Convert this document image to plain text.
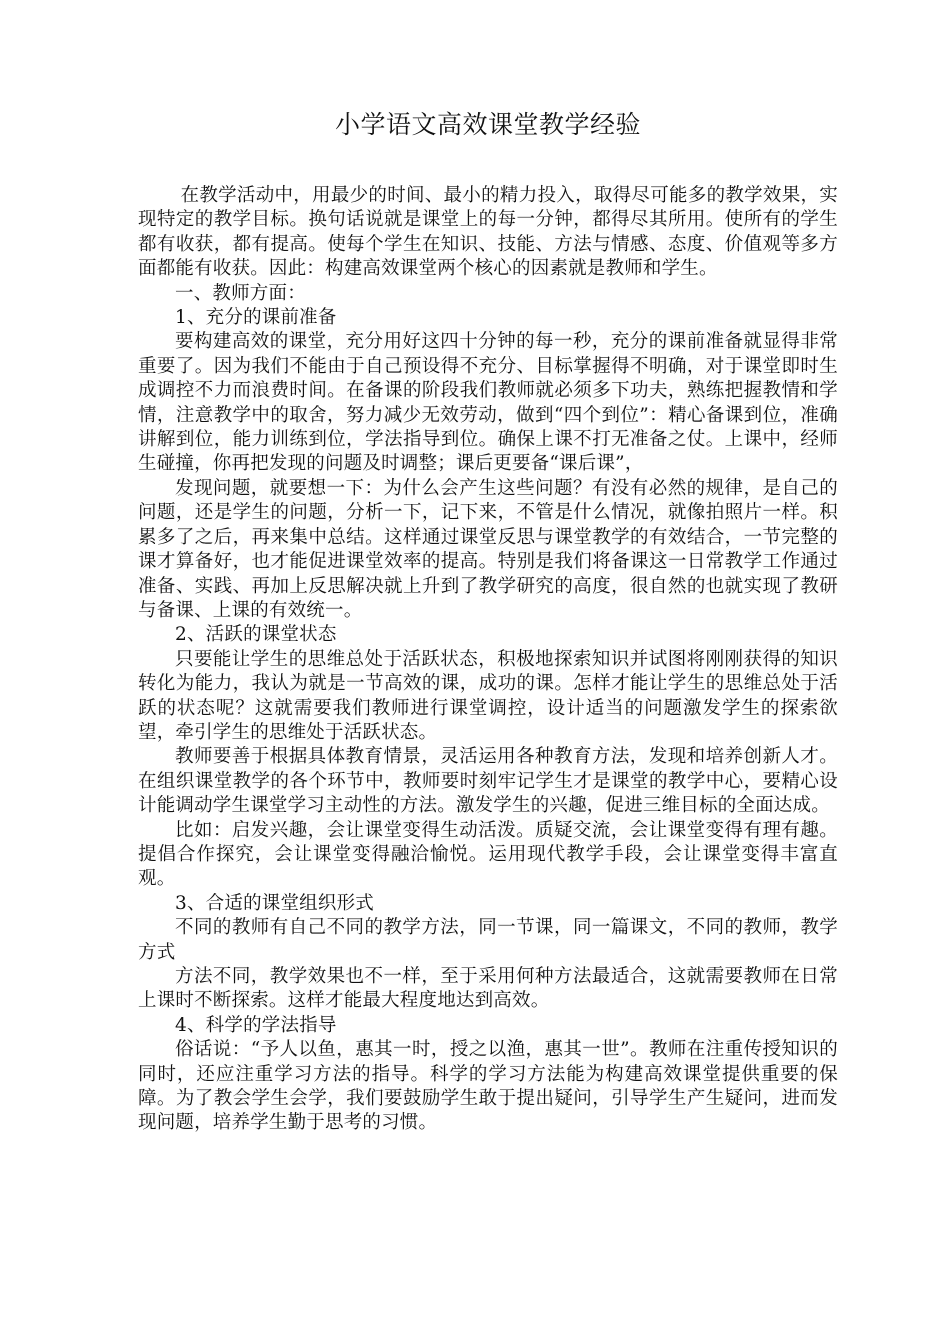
小学语文高效课堂教学经验

在教学活动中，用最少的时间、最小的精力投入，取得尽可能多的教学效果，实现特定的教学目标。换句话说就是课堂上的每一分钟，都得尽其所用。使所有的学生都有收获，都有提高。使每个学生在知识、技能、方法与情感、态度、价值观等多方面都能有收获。因此：构建高效课堂两个核心的因素就是教师和学生。

一、教师方面：

1、充分的课前准备

要构建高效的课堂，充分用好这四十分钟的每一秒，充分的课前准备就显得非常重要了。因为我们不能由于自己预设得不充分、目标掌握得不明确，对于课堂即时生成调控不力而浪费时间。在备课的阶段我们教师就必须多下功夫，熟练把握教情和学情，注意教学中的取舍，努力减少无效劳动，做到“四个到位”：精心备课到位，准确讲解到位，能力训练到位，学法指导到位。确保上课不打无准备之仗。上课中，经师生碰撞，你再把发现的问题及时调整；课后更要备“课后课”，

发现问题，就要想一下：为什么会产生这些问题？有没有必然的规律，是自己的问题，还是学生的问题，分析一下，记下来，不管是什么情况，就像拍照片一样。积累多了之后，再来集中总结。这样通过课堂反思与课堂教学的有效结合，一节完整的课才算备好，也才能促进课堂效率的提高。特别是我们将备课这一日常教学工作通过准备、实践、再加上反思解决就上升到了教学研究的高度，很自然的也就实现了教研与备课、上课的有效统一。

2、活跃的课堂状态

只要能让学生的思维总处于活跃状态，积极地探索知识并试图将刚刚获得的知识转化为能力，我认为就是一节高效的课，成功的课。怎样才能让学生的思维总处于活跃的状态呢？这就需要我们教师进行课堂调控，设计适当的问题激发学生的探索欲望，牵引学生的思维处于活跃状态。

教师要善于根据具体教育情景，灵活运用各种教育方法，发现和培养创新人才。在组织课堂教学的各个环节中，教师要时刻牢记学生才是课堂的教学中心，要精心设计能调动学生课堂学习主动性的方法。激发学生的兴趣，促进三维目标的全面达成。

比如：启发兴趣，会让课堂变得生动活泼。质疑交流，会让课堂变得有理有趣。提倡合作探究，会让课堂变得融洽愉悦。运用现代教学手段，会让课堂变得丰富直观。

3、合适的课堂组织形式

不同的教师有自己不同的教学方法，同一节课，同一篇课文，不同的教师，教学方式

方法不同，教学效果也不一样，至于采用何种方法最适合，这就需要教师在日常上课时不断探索。这样才能最大程度地达到高效。

4、科学的学法指导

俗话说：“予人以鱼，惠其一时，授之以渔，惠其一世”。教师在注重传授知识的同时，还应注重学习方法的指导。科学的学习方法能为构建高效课堂提供重要的保障。为了教会学生会学，我们要鼓励学生敢于提出疑问，引导学生产生疑问，进而发现问题，培养学生勤于思考的习惯。
